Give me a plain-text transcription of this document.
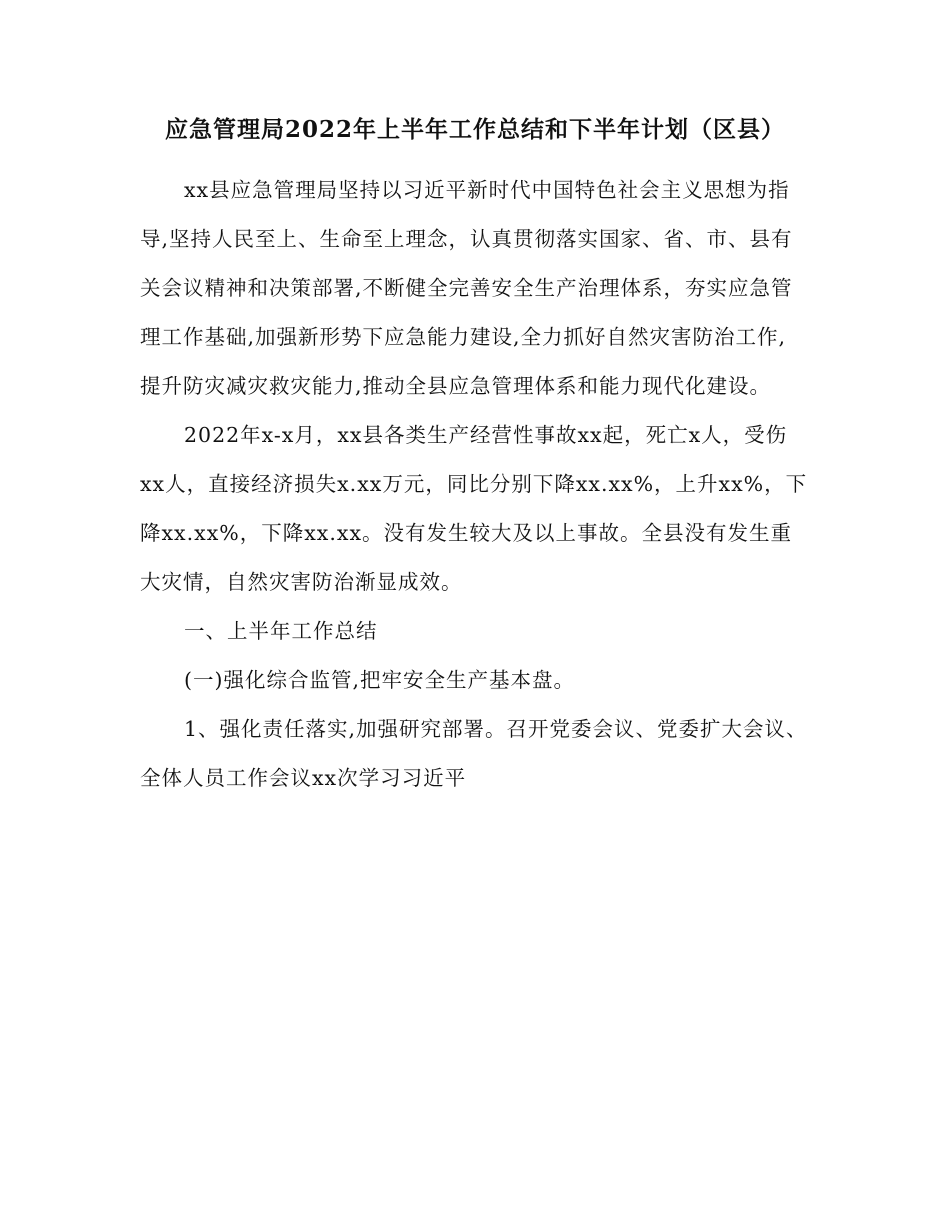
应急管理局2022年上半年工作总结和下半年计划（区县）
xx县应急管理局坚持以习近平新时代中国特色社会主义思想为指
导,坚持人民至上、生命至上理念，认真贯彻落实国家、省、市、县有
关会议精神和决策部署,不断健全完善安全生产治理体系，夯实应急管
理工作基础,加强新形势下应急能力建设,全力抓好自然灾害防治工作,
提升防灾减灾救灾能力,推动全县应急管理体系和能力现代化建设。
2022年x-x月，xx县各类生产经营性事故xx起，死亡x人，受伤
xx人，直接经济损失x.xx万元，同比分别下降xx.xx%，上升xx%，下
降xx.xx%，下降xx.xx。没有发生较大及以上事故。全县没有发生重
大灾情，自然灾害防治渐显成效。
一、上半年工作总结
(一)强化综合监管,把牢安全生产基本盘。
1、强化责任落实,加强研究部署。召开党委会议、党委扩大会议、
全体人员工作会议xx次学习习近平
